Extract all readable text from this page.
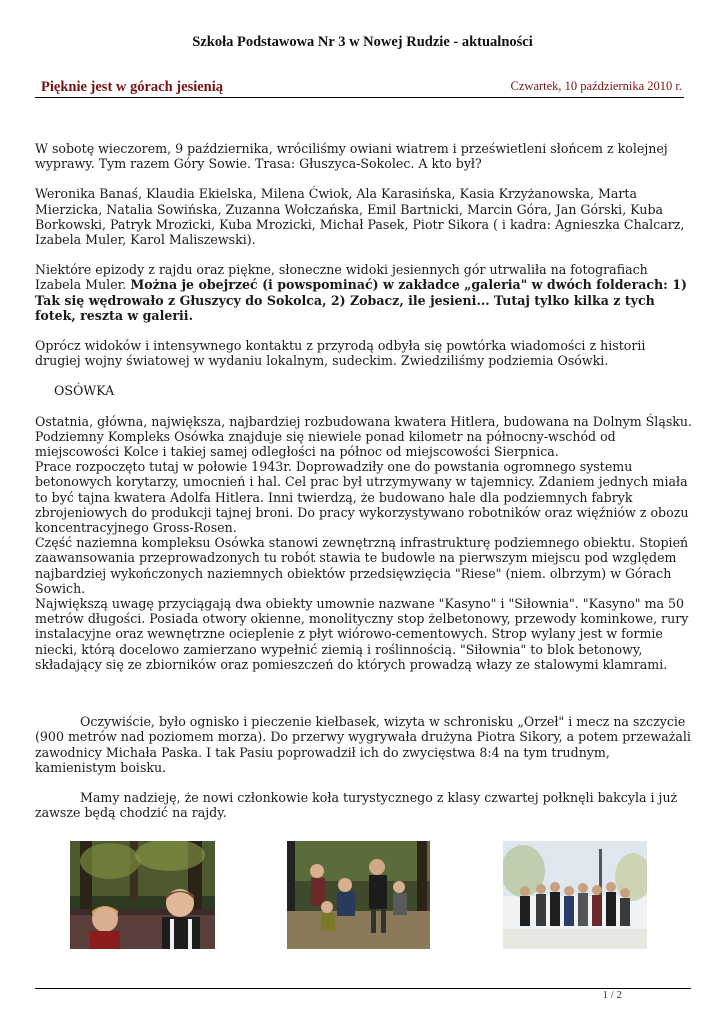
Szkoła Podstawowa Nr 3 w Nowej Rudzie - aktualności
Pięknie jest w górach jesienią	Czwartek, 10 października 2010 r.

W sobotę wieczorem, 9 października, wróciliśmy owiani wiatrem i prześwietleni słońcem z kolejnej wyprawy. Tym razem Góry Sowie. Trasa: Głuszyca-Sokolec. A kto był?

Weronika Banaś, Klaudia Ekielska, Milena Ćwiok, Ala Karasińska, Kasia Krzyżanowska, Marta Mierzicka, Natalia Sowińska, Zuzanna Wołczańska, Emil Bartnicki, Marcin Góra, Jan Górski, Kuba Borkowski, Patryk Mrozicki, Kuba Mrozicki, Michał Pasek, Piotr Sikora ( i kadra: Agnieszka Chalcarz, Izabela Muler, Karol Maliszewski).

Niektóre epizody z rajdu oraz piękne, słoneczne widoki jesiennych gór utrwaliła na fotografiach Izabela Muler. Można je obejrzeć (i powspominać) w zakładce „galeria" w dwóch folderach: 1) Tak się wędrowało z Głuszycy do Sokolca, 2) Zobacz, ile jesieni... Tutaj tylko kilka z tych fotek, reszta w galerii.

Oprócz widoków i intensywnego kontaktu z przyrodą odbyła się powtórka wiadomości z historii drugiej wojny światowej w wydaniu lokalnym, sudeckim. Zwiedziliśmy podziemia Osówki.

OSÓWKA

Ostatnia, główna, największa, najbardziej rozbudowana kwatera Hitlera, budowana na Dolnym Śląsku. Podziemny Kompleks Osówka znajduje się niewiele ponad kilometr na północny-wschód od miejscowości Kolce i takiej samej odległości na północ od miejscowości Sierpnica.
Prace rozpoczęto tutaj w połowie 1943r. Doprowadziły one do powstania ogromnego systemu betonowych korytarzy, umocnień i hal. Cel prac był utrzymywany w tajemnicy. Zdaniem jednych miała to być tajna kwatera Adolfa Hitlera. Inni twierdzą, że budowano hale dla podziemnych fabryk zbrojeniowych do produkcji tajnej broni. Do pracy wykorzystywano robotników oraz więźniów z obozu koncentracyjnego Gross-Rosen.
Część naziemna kompleksu Osówka stanowi zewnętrzną infrastrukturę podziemnego obiektu. Stopień zaawansowania przeprowadzonych tu robót stawia te budowle na pierwszym miejscu pod względem najbardziej wykończonych naziemnych obiektów przedsięwzięcia "Riese" (niem. olbrzym) w Górach Sowich.
Największą uwagę przyciągają dwa obiekty umownie nazwane "Kasyno" i "Siłownia". "Kasyno" ma 50 metrów długości. Posiada otwory okienne, monolityczny stop żelbetonowy, przewody kominkowe, rury instalacyjne oraz wewnętrzne ocieplenie z płyt wiórowo-cementowych. Strop wylany jest w formie niecki, którą docelowo zamierzano wypełnić ziemią i roślinnością. "Siłownia" to blok betonowy, składający się ze zbiorników oraz pomieszczeń do których prowadzą włazy ze stalowymi klamrami.

Oczywiście, było ognisko i pieczenie kiełbasek, wizyta w schronisku „Orzeł" i mecz na szczycie (900 metrów nad poziomem morza). Do przerwy wygrywała drużyna Piotra Sikory, a potem przeważali zawodnicy Michała Paska. I tak Pasiu poprowadził ich do zwycięstwa 8:4 na tym trudnym, kamienistym boisku.

Mamy nadzieję, że nowi członkowie koła turystycznego z klasy czwartej połknęli bakcyla i już zawsze będą chodzić na rajdy.

1 / 2
